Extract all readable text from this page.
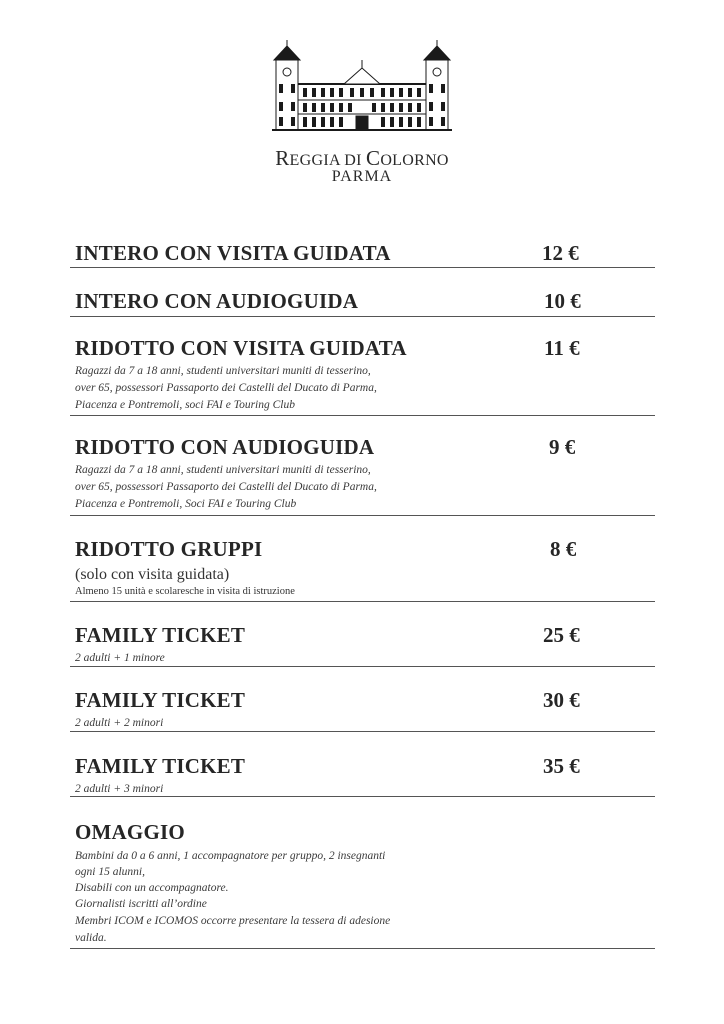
REGGIA DI COLORNO
PARMA
INTERO CON VISITA GUIDATA	12 €
INTERO CON AUDIOGUIDA	10 €
RIDOTTO CON VISITA GUIDATA	11 €
Ragazzi da 7 a 18 anni, studenti universitari muniti di tesserino,
over 65, possessori Passaporto dei Castelli del Ducato di Parma,
Piacenza e Pontremoli, soci FAI e Touring Club
RIDOTTO CON AUDIOGUIDA	9 €
Ragazzi da 7 a 18 anni, studenti universitari muniti di tesserino,
over 65, possessori Passaporto dei Castelli del Ducato di Parma,
Piacenza e Pontremoli, Soci FAI e Touring Club
RIDOTTO GRUPPI	8 €
(solo con visita guidata)
Almeno 15 unità e scolaresche in visita di istruzione
FAMILY TICKET	25 €
2 adulti + 1 minore
FAMILY TICKET	30 €
2 adulti + 2 minori
FAMILY TICKET	35 €
2 adulti + 3 minori
OMAGGIO
Bambini da 0 a 6 anni, 1 accompagnatore per gruppo, 2 insegnanti
ogni 15 alunni,
Disabili con un accompagnatore.
Giornalisti iscritti all’ordine
Membri ICOM e ICOMOS occorre presentare la tessera di adesione
valida.
